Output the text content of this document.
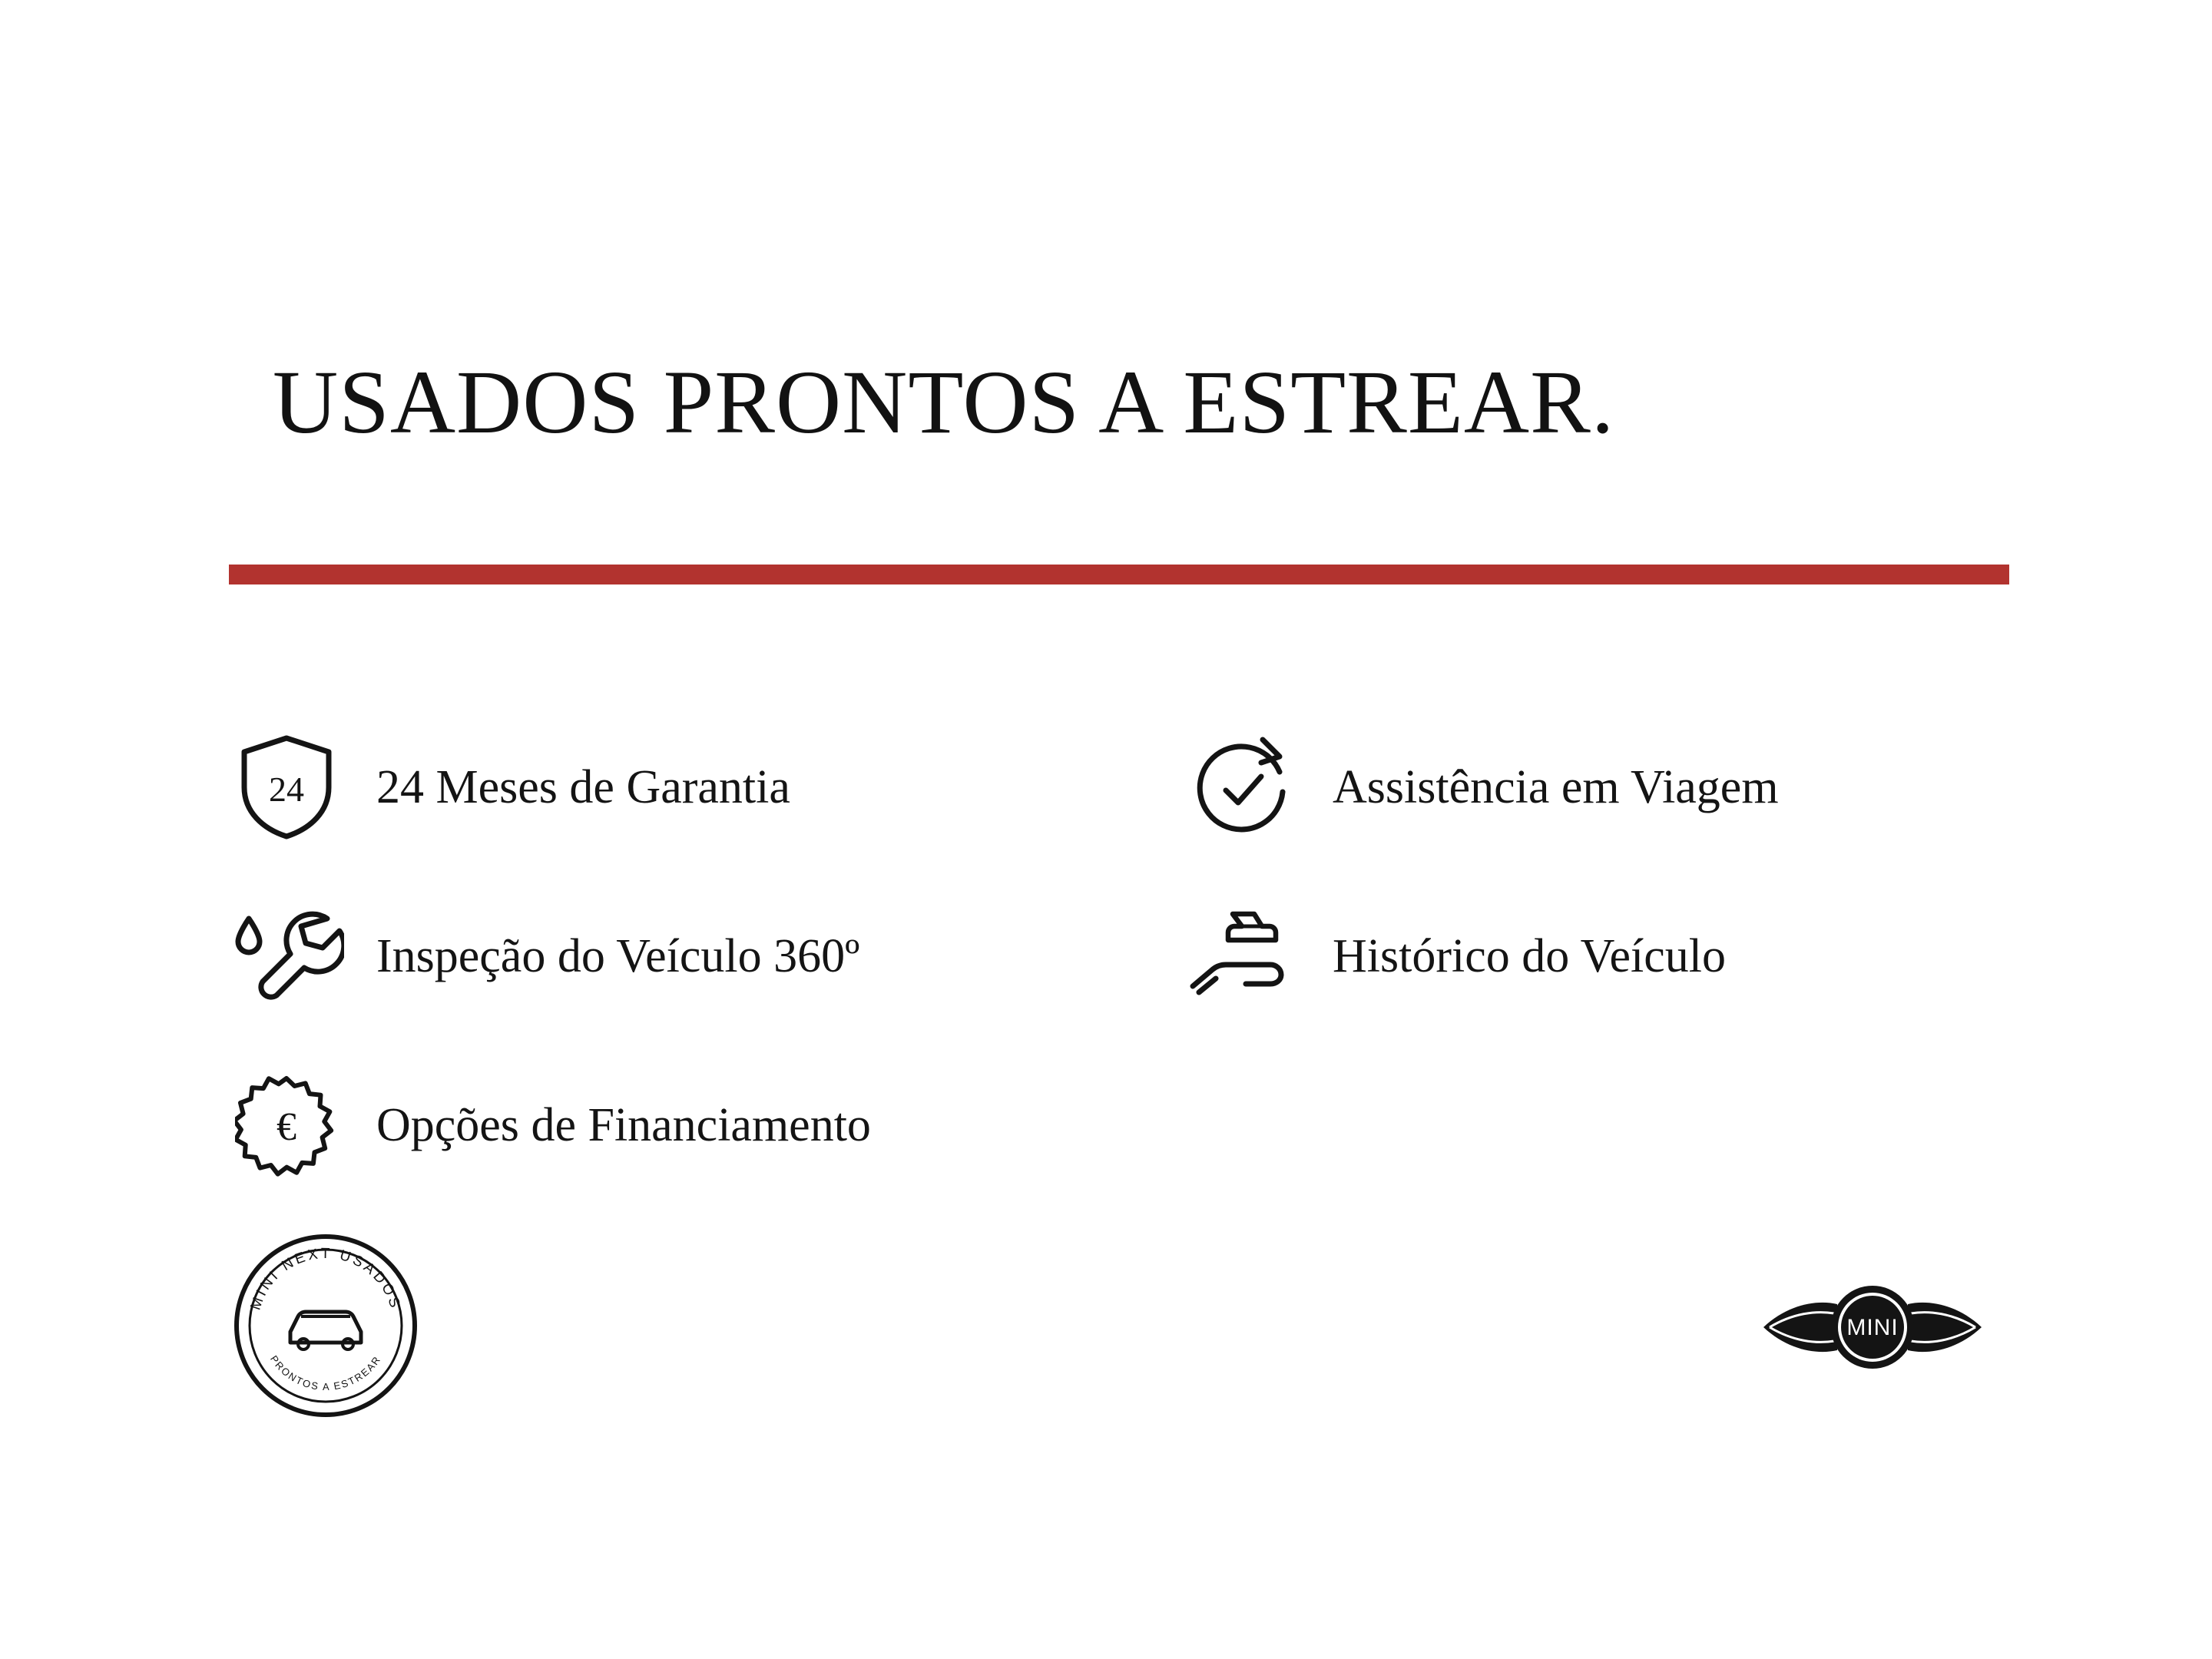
USADOS PRONTOS A ESTREAR.
24 24 Meses de Garantia
Inspeção do Veículo 360º
€ Opções de Financiamento
Assistência em Viagem
Histórico do Veículo
MINI NEXT USADOS
PRONTOS A ESTREAR
MINI
